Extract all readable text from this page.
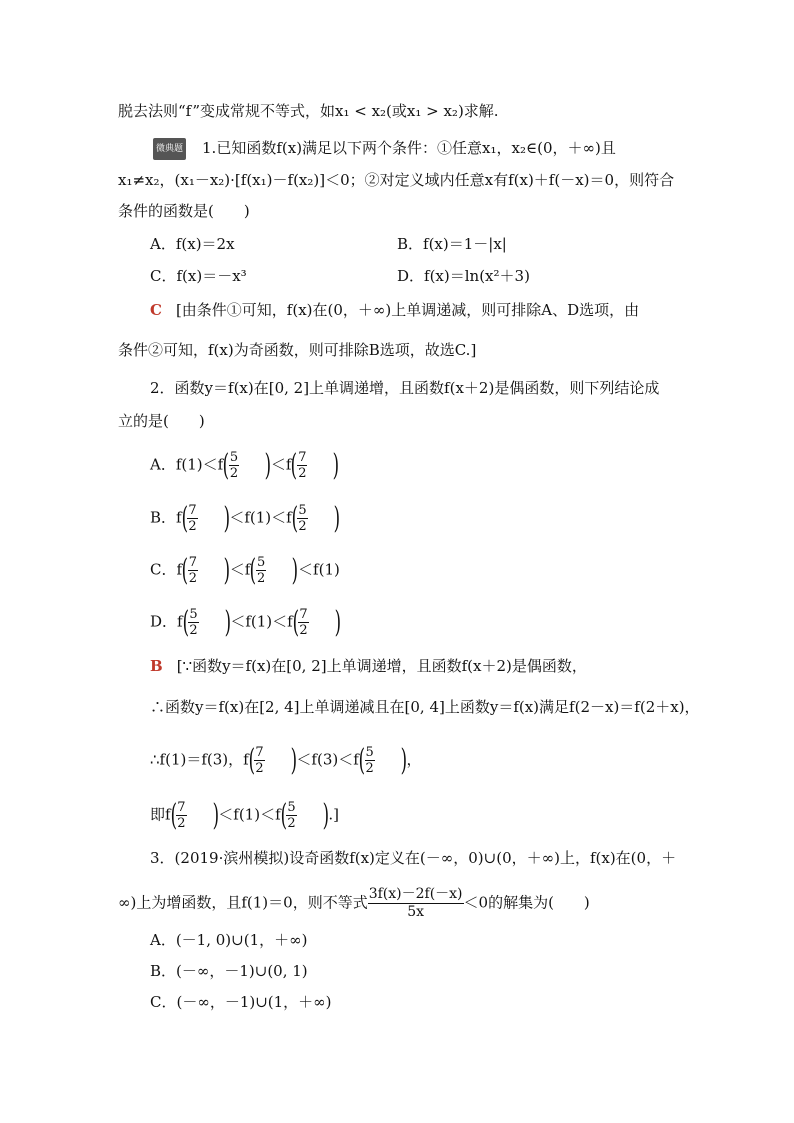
脱去法则“f”变成常规不等式，如x₁ < x₂(或x₁ > x₂)求解.
微典题 1.已知函数f(x)满足以下两个条件：①任意x₁，x₂∈(0，＋∞)且
x₁≠x₂，(x₁－x₂)·[f(x₁)－f(x₂)]＜0；②对定义域内任意x有f(x)＋f(－x)＝0，则符合
条件的函数是(　　)
A．f(x)＝2x	B．f(x)＝1－|x|
C．f(x)＝－x³	D．f(x)＝ln(x²＋3)
C [由条件①可知，f(x)在(0，＋∞)上单调递减，则可排除A、D选项，由
条件②可知，f(x)为奇函数，则可排除B选项，故选C.]
2．函数y＝f(x)在[0, 2]上单调递增，且函数f(x＋2)是偶函数，则下列结论成
立的是(　　)
A．$f(1)<f( \frac{5}{2} )<f( \frac{7}{2}$ )
B．$f( \frac{7}{2} )<f(1)<f( \frac{5}{2}$ )
C．$f( \frac{7}{2} )<f( \frac{5}{2} )<f(1)$
D．$f( \frac{5}{2} )<f(1)<f( \frac{7}{2}$ )
B [∵函数y＝f(x)在[0, 2]上单调递增，且函数f(x＋2)是偶函数，
∴函数y＝f(x)在[2, 4]上单调递减且在[0, 4]上函数y＝f(x)满足f(2－x)＝f(2＋x)，
∴f(1)＝f(3)，$f( \frac{7}{2} )<f(3)<f( \frac{5}{2}$ )，
即$f( \frac{7}{2} )<f(1)<f( \frac{5}{2}$ ).]
3．(2019·滨州模拟)设奇函数f(x)定义在(－∞，0)∪(0，＋∞)上，f(x)在(0，＋
∞)上为增函数，且f(1)＝0，则不等式 $\frac{3f(x)-2f(-x)}{5x} <0$的解集为(　　)
A．(－1, 0)∪(1，＋∞)
B．(－∞，－1)∪(0, 1)
C．(－∞，－1)∪(1，＋∞)
